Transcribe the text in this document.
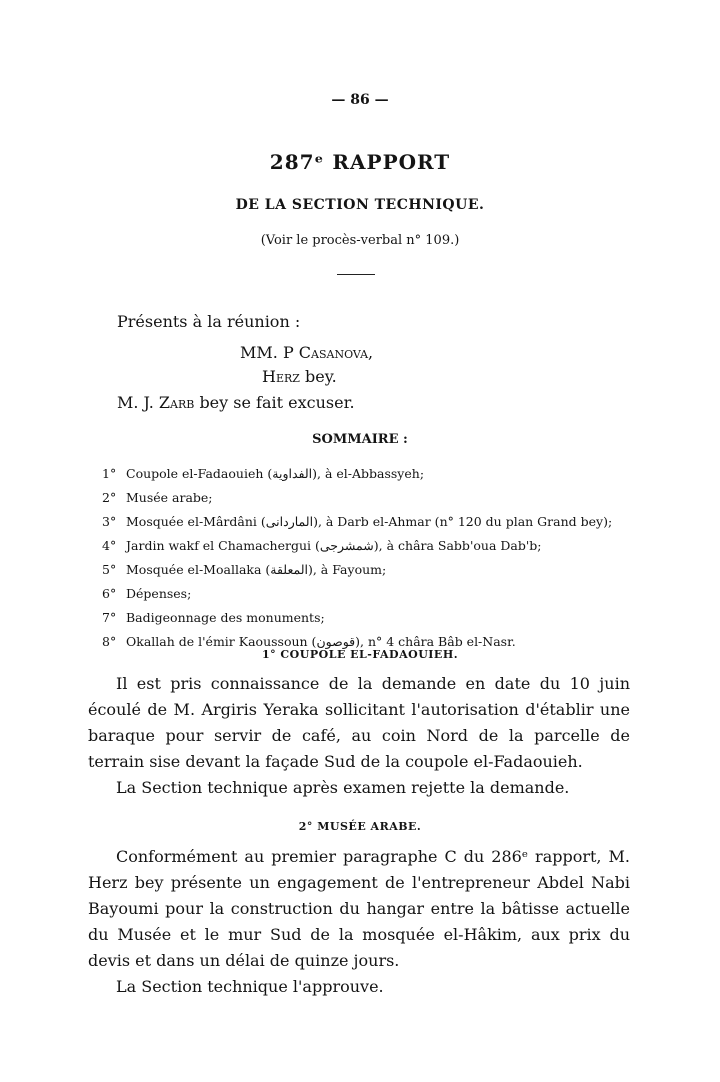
— 86 —
287ᵉ RAPPORT
DE LA SECTION TECHNIQUE.
(Voir le procès-verbal n° 109.)
Présents à la réunion :
MM. P Casanova,
Herz bey.
M. J. Zarb bey se fait excuser.
SOMMAIRE :
1° Coupole el-Fadaouieh (الفداوية), à el-Abbassyeh;
2° Musée arabe;
3° Mosquée el-Mârdâni (الماردانى), à Darb el-Ahmar (n° 120 du plan Grand bey);
4° Jardin wakf el Chamachergui (شمشرجى), à châra Sabb'oua Dab'b;
5° Mosquée el-Moallaka (المعلقة), à Fayoum;
6° Dépenses;
7° Badigeonnage des monuments;
8° Okallah de l'émir Kaoussoun (قوصون), n° 4 châra Bâb el-Nasr.
1° COUPOLE EL-FADAOUIEH.

Il est pris connaissance de la demande en date du 10 juin écoulé de M. Argiris Yeraka sollicitant l'autorisation d'établir une baraque pour servir de café, au coin Nord de la parcelle de terrain sise devant la façade Sud de la coupole el-Fadaouieh.

La Section technique après examen rejette la demande.

2° MUSÉE ARABE.

Conformément au premier paragraphe C du 286ᵉ rapport, M. Herz bey présente un engagement de l'entrepreneur Abdel Nabi Bayoumi pour la construction du hangar entre la bâtisse actuelle du Musée et le mur Sud de la mosquée el-Hâkim, aux prix du devis et dans un délai de quinze jours.

La Section technique l'approuve.
